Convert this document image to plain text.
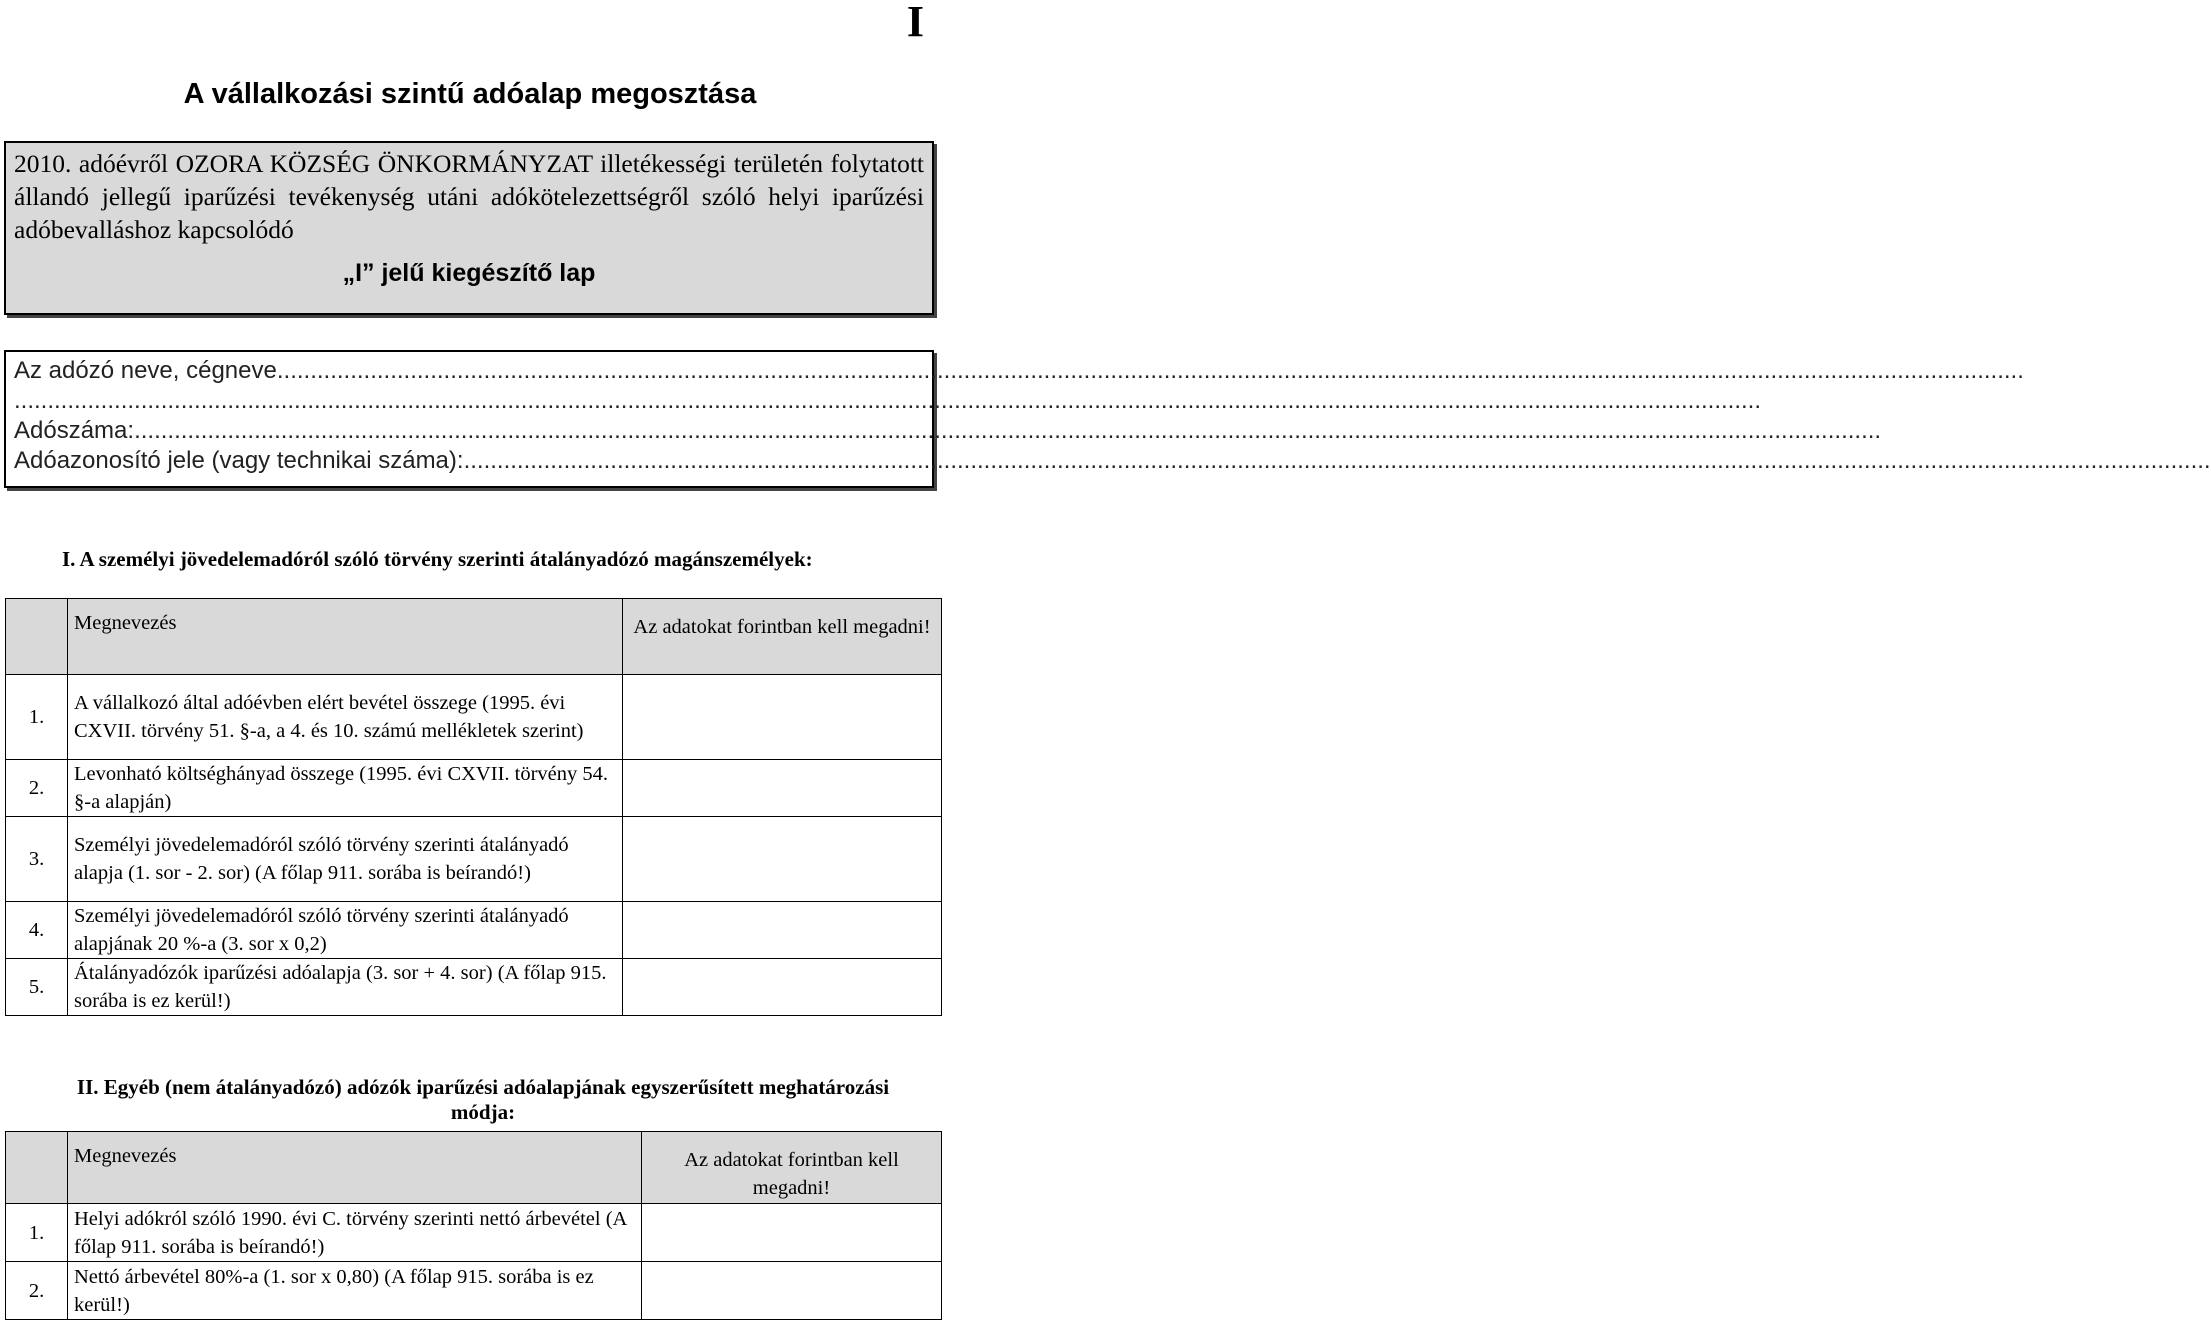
I
A vállalkozási szintű adóalap megosztása
2010. adóévről OZORA KÖZSÉG ÖNKORMÁNYZAT illetékességi területén folytatott állandó jellegű iparűzési tevékenység utáni adókötelezettségről szóló helyi iparűzési adóbevalláshoz kapcsolódó
„I” jelű kiegészítő lap
Az adózó neve, cégneve......................................................................................................................................................................................................................................................................
......................................................................................................................................................................................................................................................................
Adószáma:......................................................................................................................................................................................................................................................................
Adóazonosító jele (vagy technikai száma):......................................................................................................................................................................................................................................................................
I. A személyi jövedelemadóról szóló törvény szerinti átalányadózó magánszemélyek:
	Megnevezés	Az adatokat forintban kell megadni!
1.	A vállalkozó által adóévben elért bevétel összege (1995. évi CXVII. törvény 51. §-a, a 4. és 10. számú mellékletek szerint)	
2.	Levonható költséghányad összege (1995. évi CXVII. törvény 54. §-a alapján)	
3.	Személyi jövedelemadóról szóló törvény szerinti átalányadó alapja (1. sor - 2. sor) (A főlap 911. sorába is beírandó!)	
4.	Személyi jövedelemadóról szóló törvény szerinti átalányadó alapjának 20 %-a (3. sor x 0,2)	
5.	Átalányadózók iparűzési adóalapja (3. sor + 4. sor) (A főlap 915. sorába is ez kerül!)	
II. Egyéb (nem átalányadózó) adózók iparűzési adóalapjának egyszerűsített meghatározási módja:
	Megnevezés	Az adatokat forintban kell megadni!
1.	Helyi adókról szóló 1990. évi C. törvény szerinti nettó árbevétel (A főlap 911. sorába is beírandó!)	
2.	Nettó árbevétel 80%-a (1. sor x 0,80) (A főlap 915. sorába is ez kerül!)	
